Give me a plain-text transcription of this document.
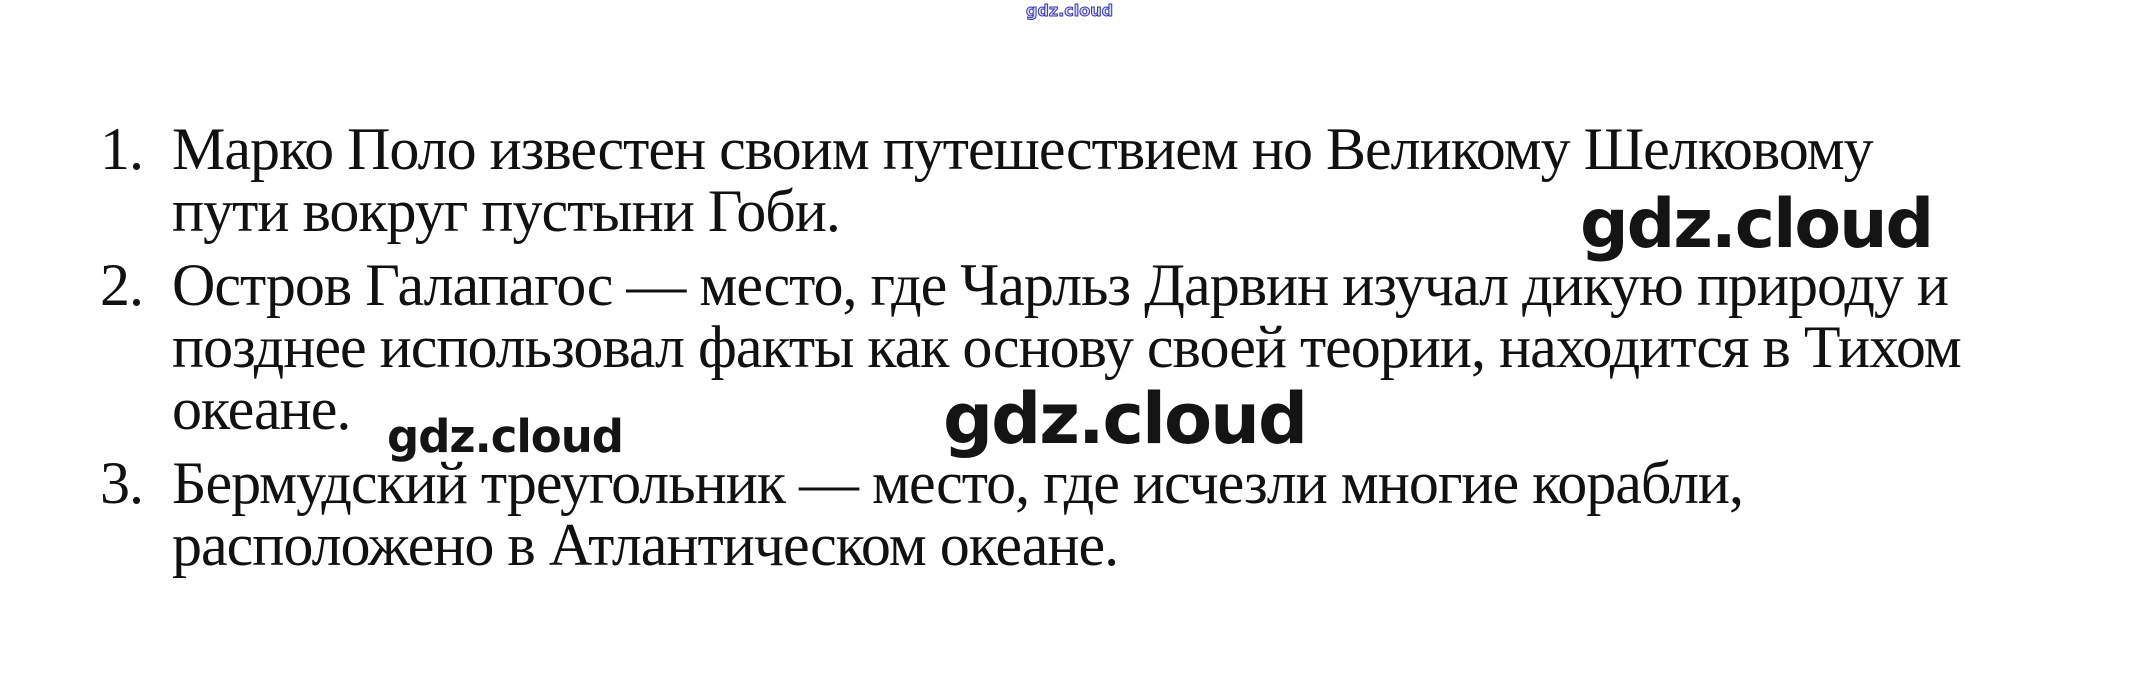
gdz.cloud
gdz.cloud
gdz.cloud
gdz.cloud
1. Марко Поло известен своим путешествием но Великому Шелковому
пути вокруг пустыни Гоби.
2. Остров Галапагос — место, где Чарльз Дарвин изучал дикую природу и
позднее использовал факты как основу своей теории, находится в Тихом
океане.
3. Бермудский треугольник — место, где исчезли многие корабли,
расположено в Атлантическом океане.
